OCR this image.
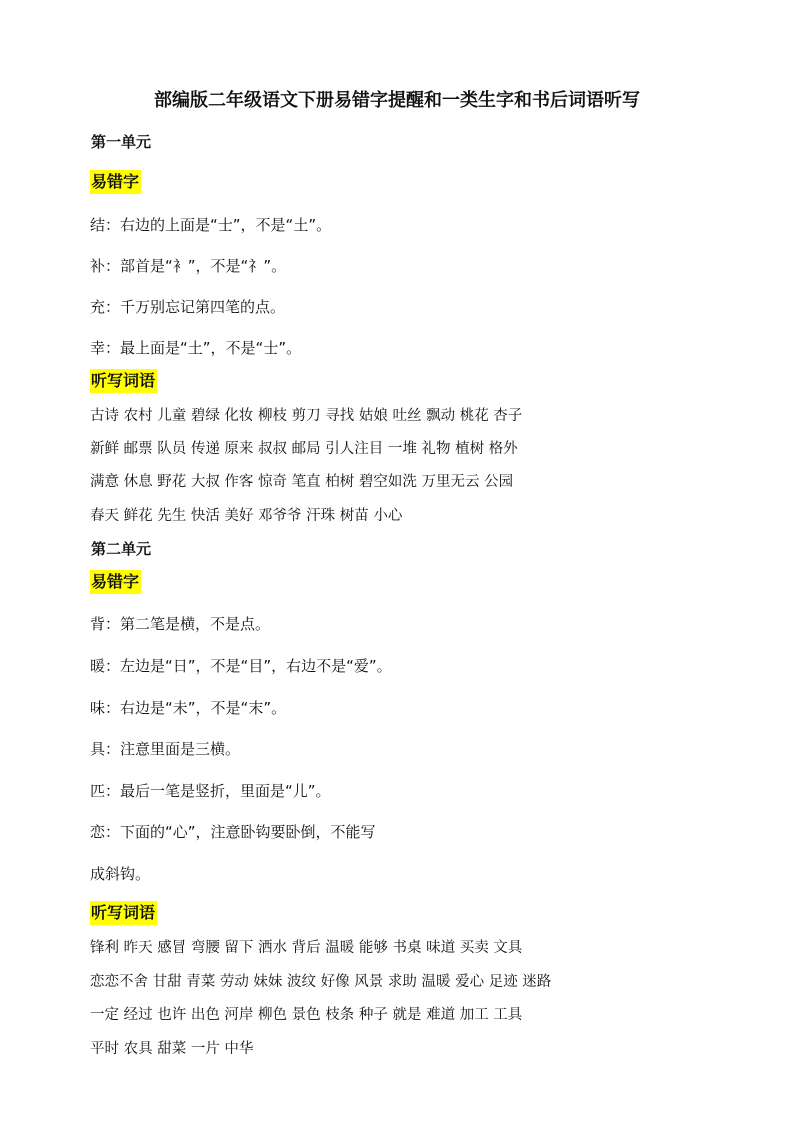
部编版二年级语文下册易错字提醒和一类生字和书后词语听写
第一单元
易错字
结：右边的上面是“士”，不是“土”。
补：部首是“衤”，不是“礻”。
充：千万别忘记第四笔的点。
幸：最上面是“土”，不是“士”。
听写词语
古诗 农村 儿童 碧绿 化妆 柳枝 剪刀 寻找 姑娘 吐丝 飘动 桃花 杏子
新鲜 邮票 队员 传递 原来 叔叔 邮局 引人注目 一堆 礼物 植树 格外
满意 休息 野花 大叔 作客 惊奇 笔直 柏树 碧空如洗 万里无云 公园
春天 鲜花 先生 快活 美好 邓爷爷 汗珠 树苗 小心
第二单元
易错字
背：第二笔是横，不是点。
暖：左边是“日”，不是“目”，右边不是“爱”。
味：右边是“未”，不是“末”。
具：注意里面是三横。
匹：最后一笔是竖折，里面是“儿”。
恋：下面的“心”，注意卧钩要卧倒，不能写
成斜钩。
听写词语
锋利 昨天 感冒 弯腰 留下 洒水 背后 温暖 能够 书桌 味道 买卖 文具
恋恋不舍 甘甜 青菜 劳动 妹妹 波纹 好像 风景 求助 温暖 爱心 足迹 迷路
一定 经过 也许 出色 河岸 柳色 景色 枝条 种子 就是 难道 加工 工具
平时 农具 甜菜 一片 中华
